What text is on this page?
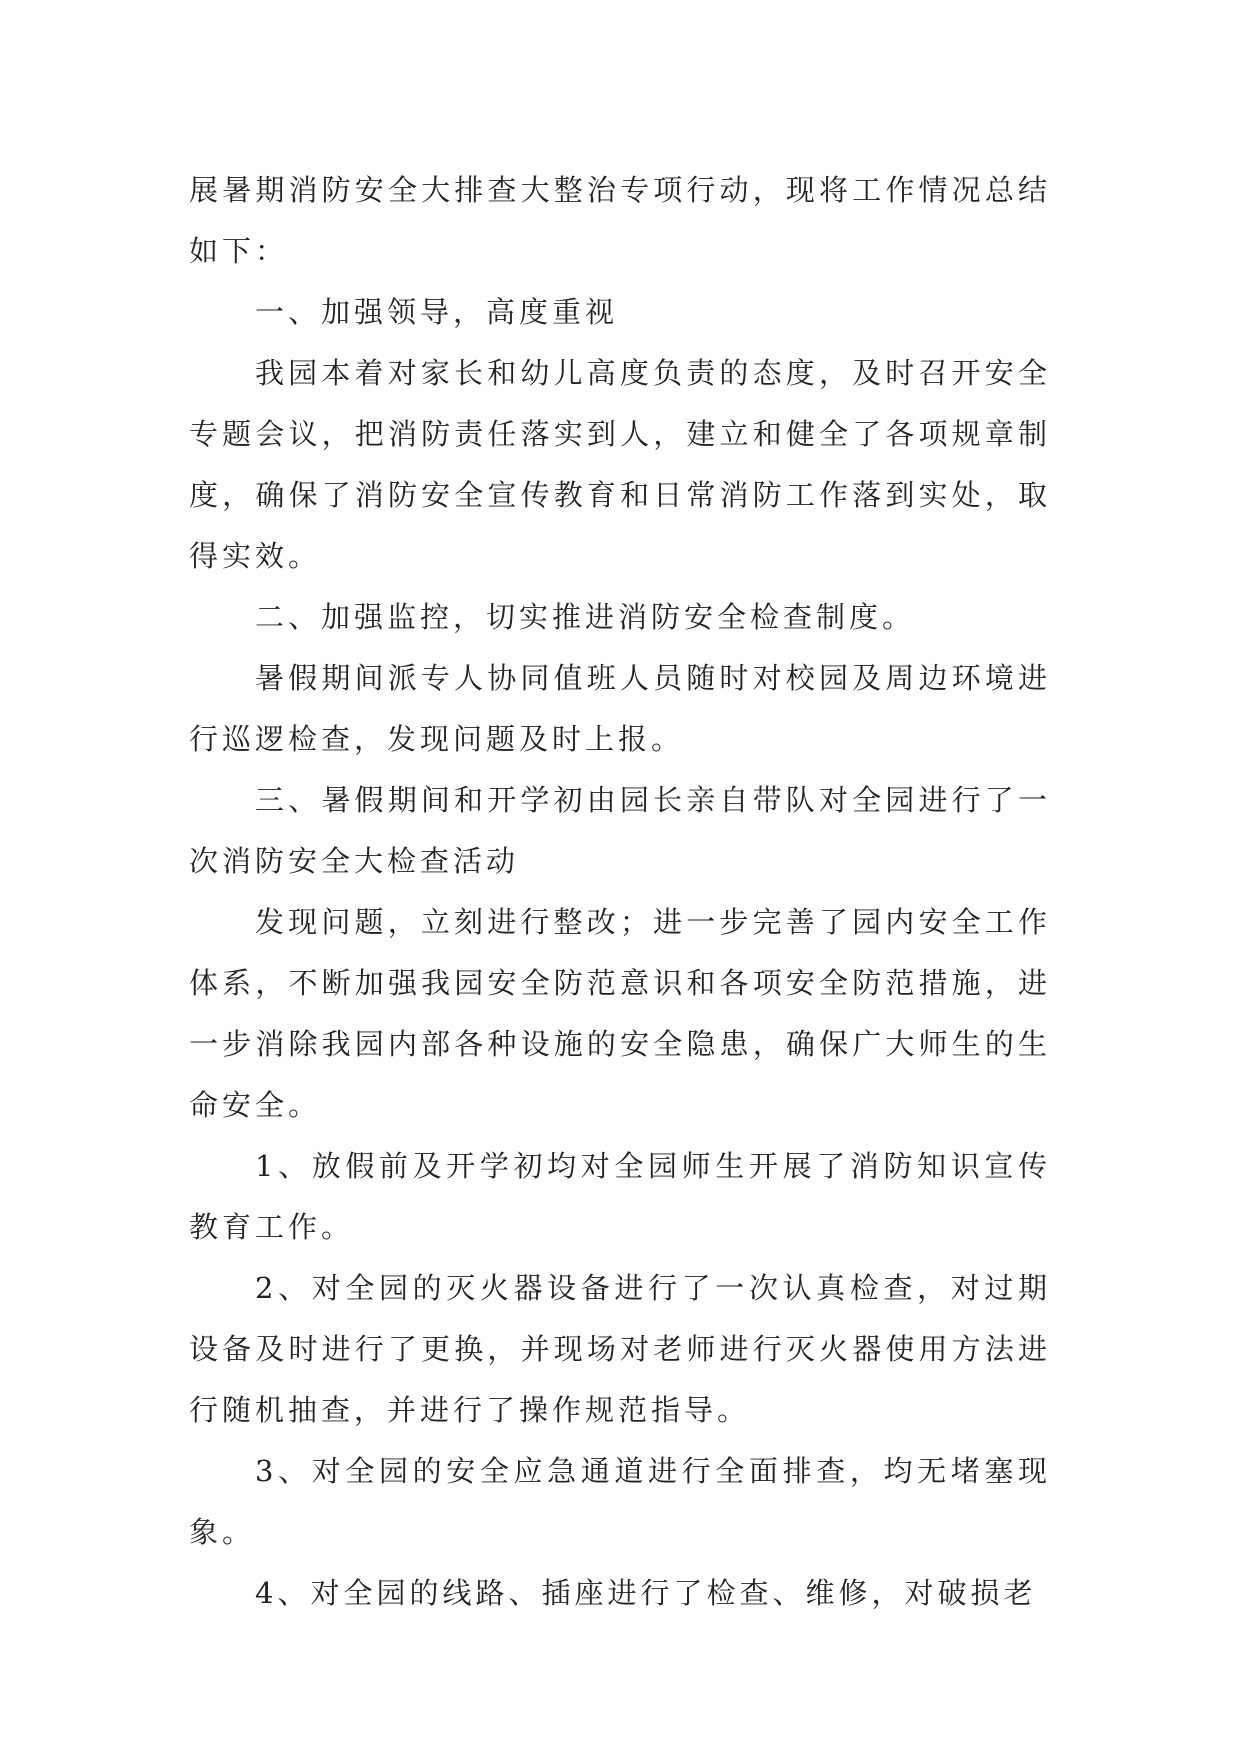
展暑期消防安全大排查大整治专项行动，现将工作情况总结如下：

一、加强领导，高度重视

我园本着对家长和幼儿高度负责的态度，及时召开安全专题会议，把消防责任落实到人，建立和健全了各项规章制度，确保了消防安全宣传教育和日常消防工作落到实处，取得实效。

二、加强监控，切实推进消防安全检查制度。

暑假期间派专人协同值班人员随时对校园及周边环境进行巡逻检查，发现问题及时上报。

三、暑假期间和开学初由园长亲自带队对全园进行了一次消防安全大检查活动

发现问题，立刻进行整改；进一步完善了园内安全工作体系，不断加强我园安全防范意识和各项安全防范措施，进一步消除我园内部各种设施的安全隐患，确保广大师生的生命安全。

1、放假前及开学初均对全园师生开展了消防知识宣传教育工作。

2、对全园的灭火器设备进行了一次认真检查，对过期设备及时进行了更换，并现场对老师进行灭火器使用方法进行随机抽查，并进行了操作规范指导。

3、对全园的安全应急通道进行全面排查，均无堵塞现象。

4、对全园的线路、插座进行了检查、维修，对破损老
